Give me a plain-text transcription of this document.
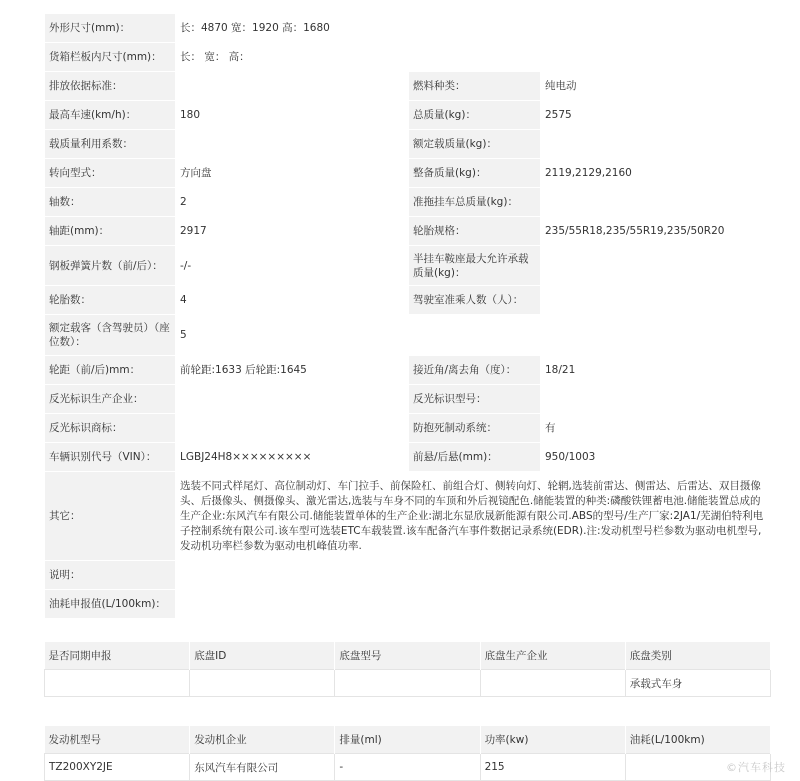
外形尺寸(mm)：	长：4870 宽：1920 高：1680		
货箱栏板内尺寸(mm)：	长： 宽： 高：		
排放依据标准：		燃料种类：	纯电动
最高车速(km/h)：	180	总质量(kg)：	2575
载质量利用系数：		额定载质量(kg)：	
转向型式：	方向盘	整备质量(kg)：	2119,2129,2160
轴数：	2	准拖挂车总质量(kg)：	
轴距(mm)：	2917	轮胎规格：	235/55R18,235/55R19,235/50R20
钢板弹簧片数（前/后）：	-/-	半挂车鞍座最大允许承载质量(kg)：	
轮胎数：	4	驾驶室准乘人数（人）：	
额定载客（含驾驶员）（座位数）：	5		
轮距（前/后)mm：	前轮距:1633 后轮距:1645	接近角/离去角（度）：	18/21
反光标识生产企业：		反光标识型号：	
反光标识商标：		防抱死制动系统：	有
车辆识别代号（VIN）：	LGBJ24H8×××××××××	前悬/后悬(mm)：	950/1003
其它：	选装不同式样尾灯、高位制动灯、车门拉手、前保险杠、前组合灯、侧转向灯、轮辋,选装前雷达、侧雷达、后雷达、双目摄像头、后摄像头、侧摄像头、激光雷达,选装与车身不同的车顶和外后视镜配色.储能装置的种类:磷酸铁锂蓄电池.储能装置总成的生产企业:东风汽车有限公司.储能装置单体的生产企业:湖北东显欣晟新能源有限公司.ABS的型号/生产厂家:2JA1/芜湖伯特利电子控制系统有限公司.该车型可选装ETC车载装置.该车配备汽车事件数据记录系统(EDR).注:发动机型号栏参数为驱动电机型号,发动机功率栏参数为驱动电机峰值功率.		
说明：			
油耗申报值(L/100km)：			
是否同期申报	底盘ID	底盘型号	底盘生产企业	底盘类别
				承载式车身
发动机型号	发动机企业	排量(ml)	功率(kw)	油耗(L/100km)
TZ200XY2JE	东风汽车有限公司	-	215		©汽车科技
